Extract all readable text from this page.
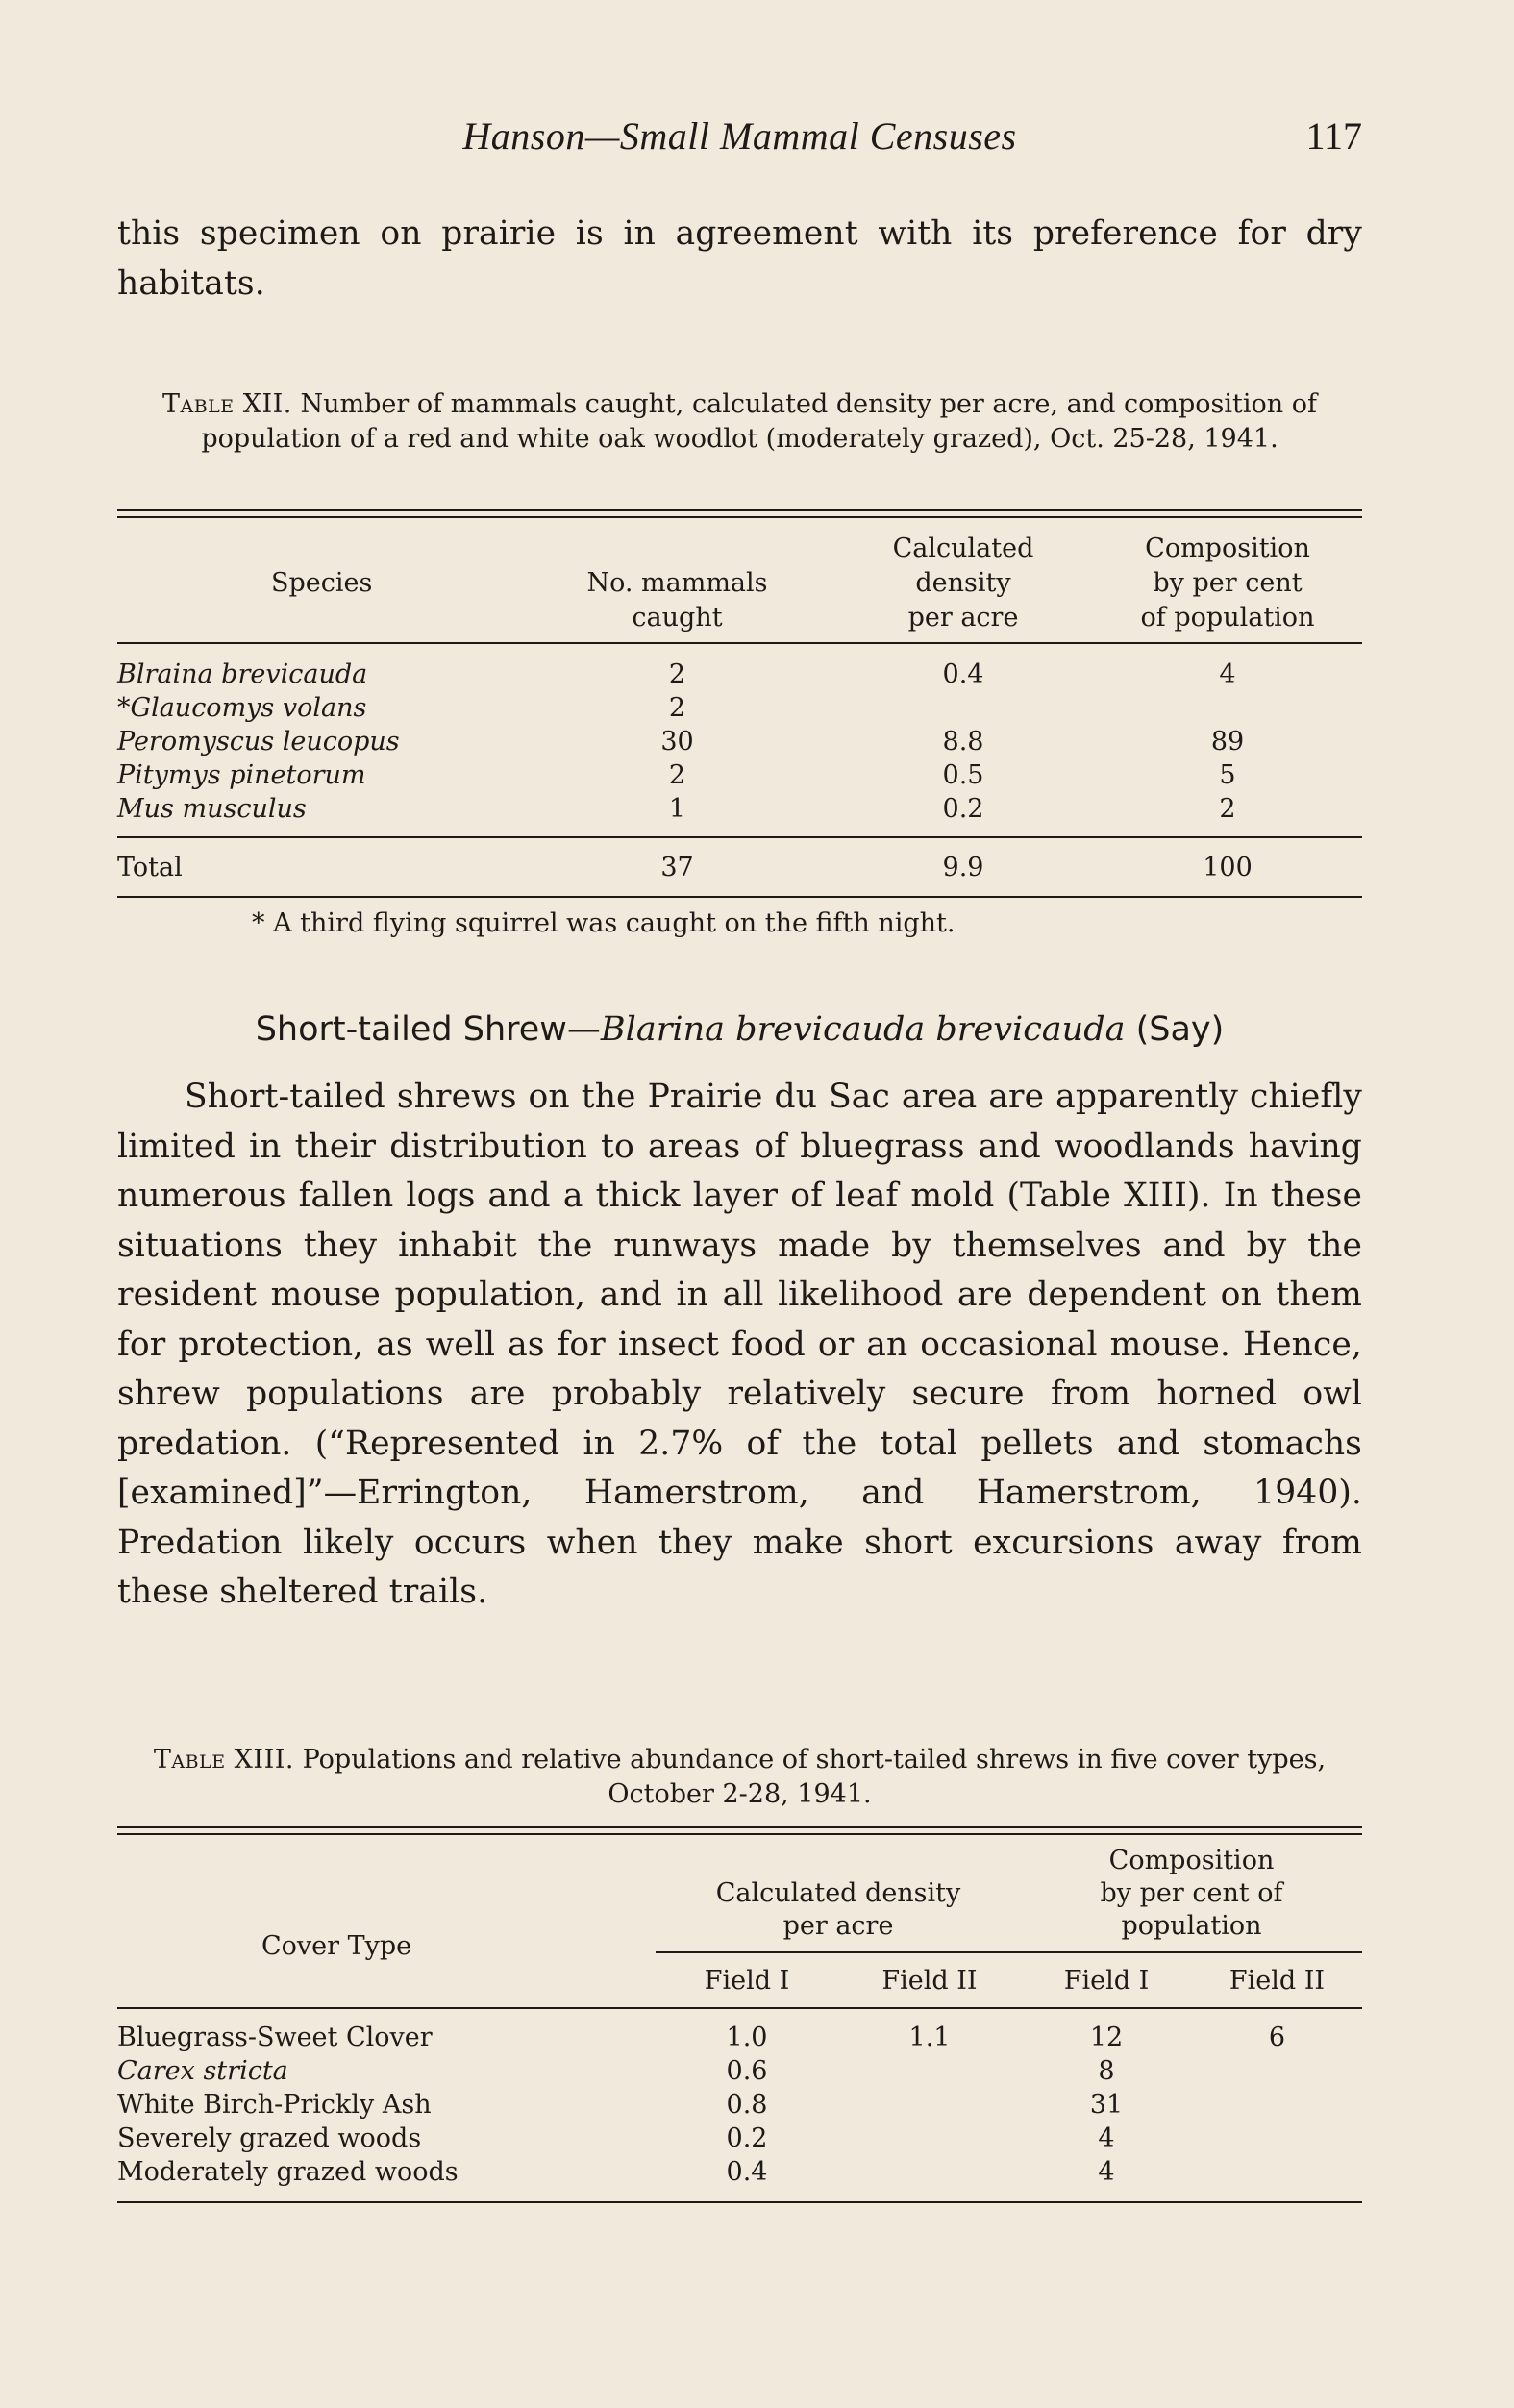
Hanson—Small Mammal Censuses	117
this specimen on prairie is in agreement with its preference for dry habitats.
Table XII. Number of mammals caught, calculated density per acre, and composition of population of a red and white oak woodlot (moderately grazed), Oct. 25-28, 1941.
		Calculated	Composition
Species	No. mammals	density	by per cent
	caught	per acre	of population
Blraina brevicauda	2	0.4	4
*Glaucomys volans	2		
Peromyscus leucopus	30	8.8	89
Pitymys pinetorum	2	0.5	5
Mus musculus	1	0.2	2
Total	37	9.9	100
* A third flying squirrel was caught on the fifth night.
Short-tailed Shrew—Blarina brevicauda brevicauda (Say)
Short-tailed shrews on the Prairie du Sac area are apparently chiefly limited in their distribution to areas of bluegrass and woodlands having numerous fallen logs and a thick layer of leaf mold (Table XIII). In these situations they inhabit the runways made by themselves and by the resident mouse population, and in all likelihood are dependent on them for protection, as well as for insect food or an occasional mouse. Hence, shrew populations are probably relatively secure from horned owl predation. (“Represented in 2.7% of the total pellets and stomachs [examined]”—Errington, Hamerstrom, and Hamerstrom, 1940). Predation likely occurs when they make short excursions away from these sheltered trails.
Table XIII. Populations and relative abundance of short-tailed shrews in five cover types, October 2-28, 1941.
		Composition
	Calculated density	by per cent of
Cover Type	per acre	population

	Field I	Field II	Field I	Field II
Bluegrass-Sweet Clover	1.0	1.1	12	6
Carex stricta	0.6		8	
White Birch-Prickly Ash	0.8		31	
Severely grazed woods	0.2		4	
Moderately grazed woods	0.4		4	
